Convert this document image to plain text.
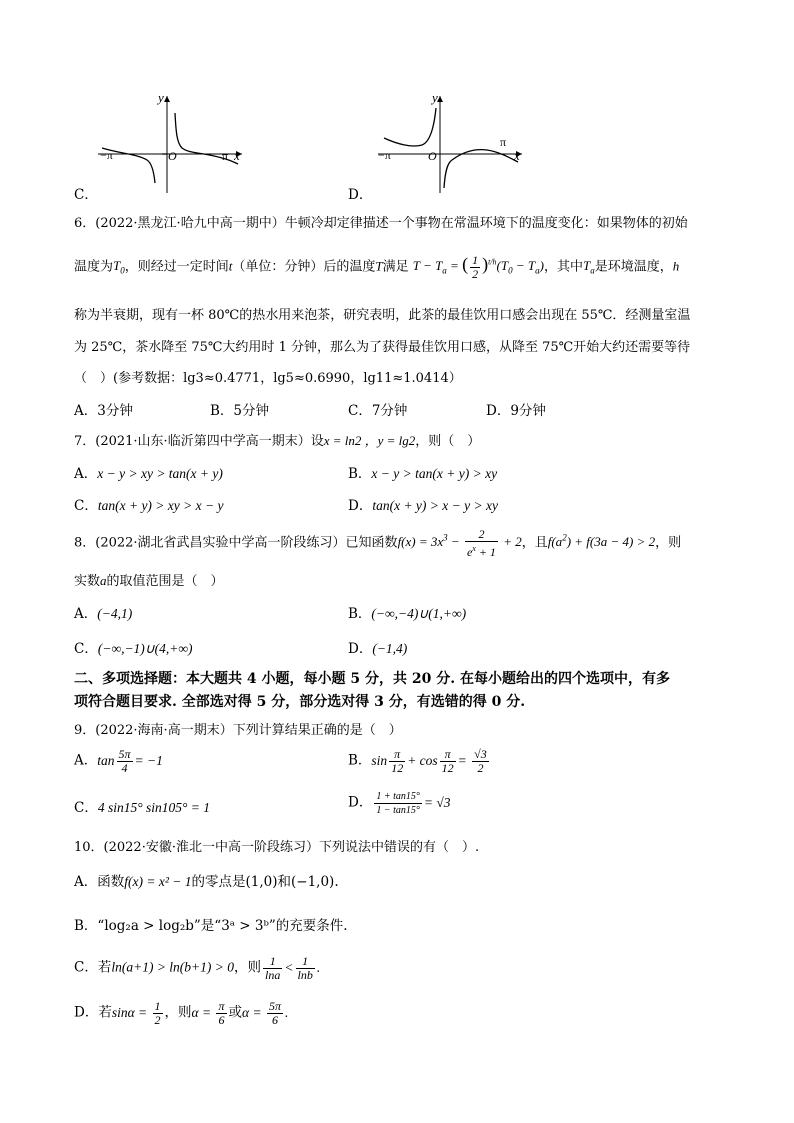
y
x
−π	O	π
C．
y
x
−π	O
π
D．
6．(2022·黑龙江·哈九中高一期中）牛顿冷却定律描述一个事物在常温环境下的温度变化：如果物体的初始
温度为$T_0$，则经过一定时间t（单位：分钟）后的温度T满足 $T - T_a$ = ( $\frac{1}{2} )^{t/h}(T_0 - T_a)$，其中$T_a$是环境温度，h
称为半衰期，现有一杯 80℃的热水用来泡茶，研究表明，此茶的最佳饮用口感会出现在 55℃．经测量室温
为 25℃，茶水降至 75℃大约用时 1 分钟，那么为了获得最佳饮用口感，从降至 75℃开始大约还需要等待
（　）(参考数据：lg3≈0.4771，lg5≈0.6990，lg11≈1.0414）
A．3分钟	B．5分钟	C．7分钟	D．9分钟
7．(2021·山东·临沂第四中学高一期末）设x = ln2 ，y = lg2，则（　）
A．x − y > xy > tan(x + y)	B．x − y > tan(x + y) > xy
C．tan(x + y) > xy > x − y	D．tan(x + y) > x − y > xy
8．(2022·湖北省武昌实验中学高一阶段练习）已知函数$f(x) = 3x^3 - \frac{2}{e^x + 1} + 2$，且$f(a^2) + f(3a - 4) > 2$，则
实数a的取值范围是（　）
A．(−4,1)	B．(−∞,−4)∪(1,+∞)
C．(−∞,−1)∪(4,+∞)	D．(−1,4)
二、多项选择题：本大题共 4 小题，每小题 5 分，共 20 分. 在每小题给出的四个选项中，有多
项符合题目要求. 全部选对得 5 分，部分选对得 3 分，有选错的得 0 分.
9．(2022·海南·高一期末）下列计算结果正确的是（　）
A．$\tan \frac{5\pi}{4} = -1$	B．$\sin \frac{\pi}{12} + \cos \frac{\pi}{12} = \frac{√3}{2}$
C．4 sin15° sin105° = 1	D． $\frac{1 + \tan 15^\circ}{1 - \tan 15^\circ} = √3$
10．(2022·安徽·淮北一中高一阶段练习）下列说法中错误的有（　）.
A．函数f(x) = x² − 1的零点是(1,0)和(−1,0).
B．“log₂a > log₂b”是“3ᵃ > 3ᵇ”的充要条件.
C．若ln(a+1) > ln(b+1) > 0，则 $\frac{1}{\ln a} < \frac{1}{\ln b}$ .
D．若$\sin\alpha = \frac{1}{2}$ ，则$\alpha = \frac{\pi}{6}$ 或$\alpha = \frac{5\pi}{6}$ .
